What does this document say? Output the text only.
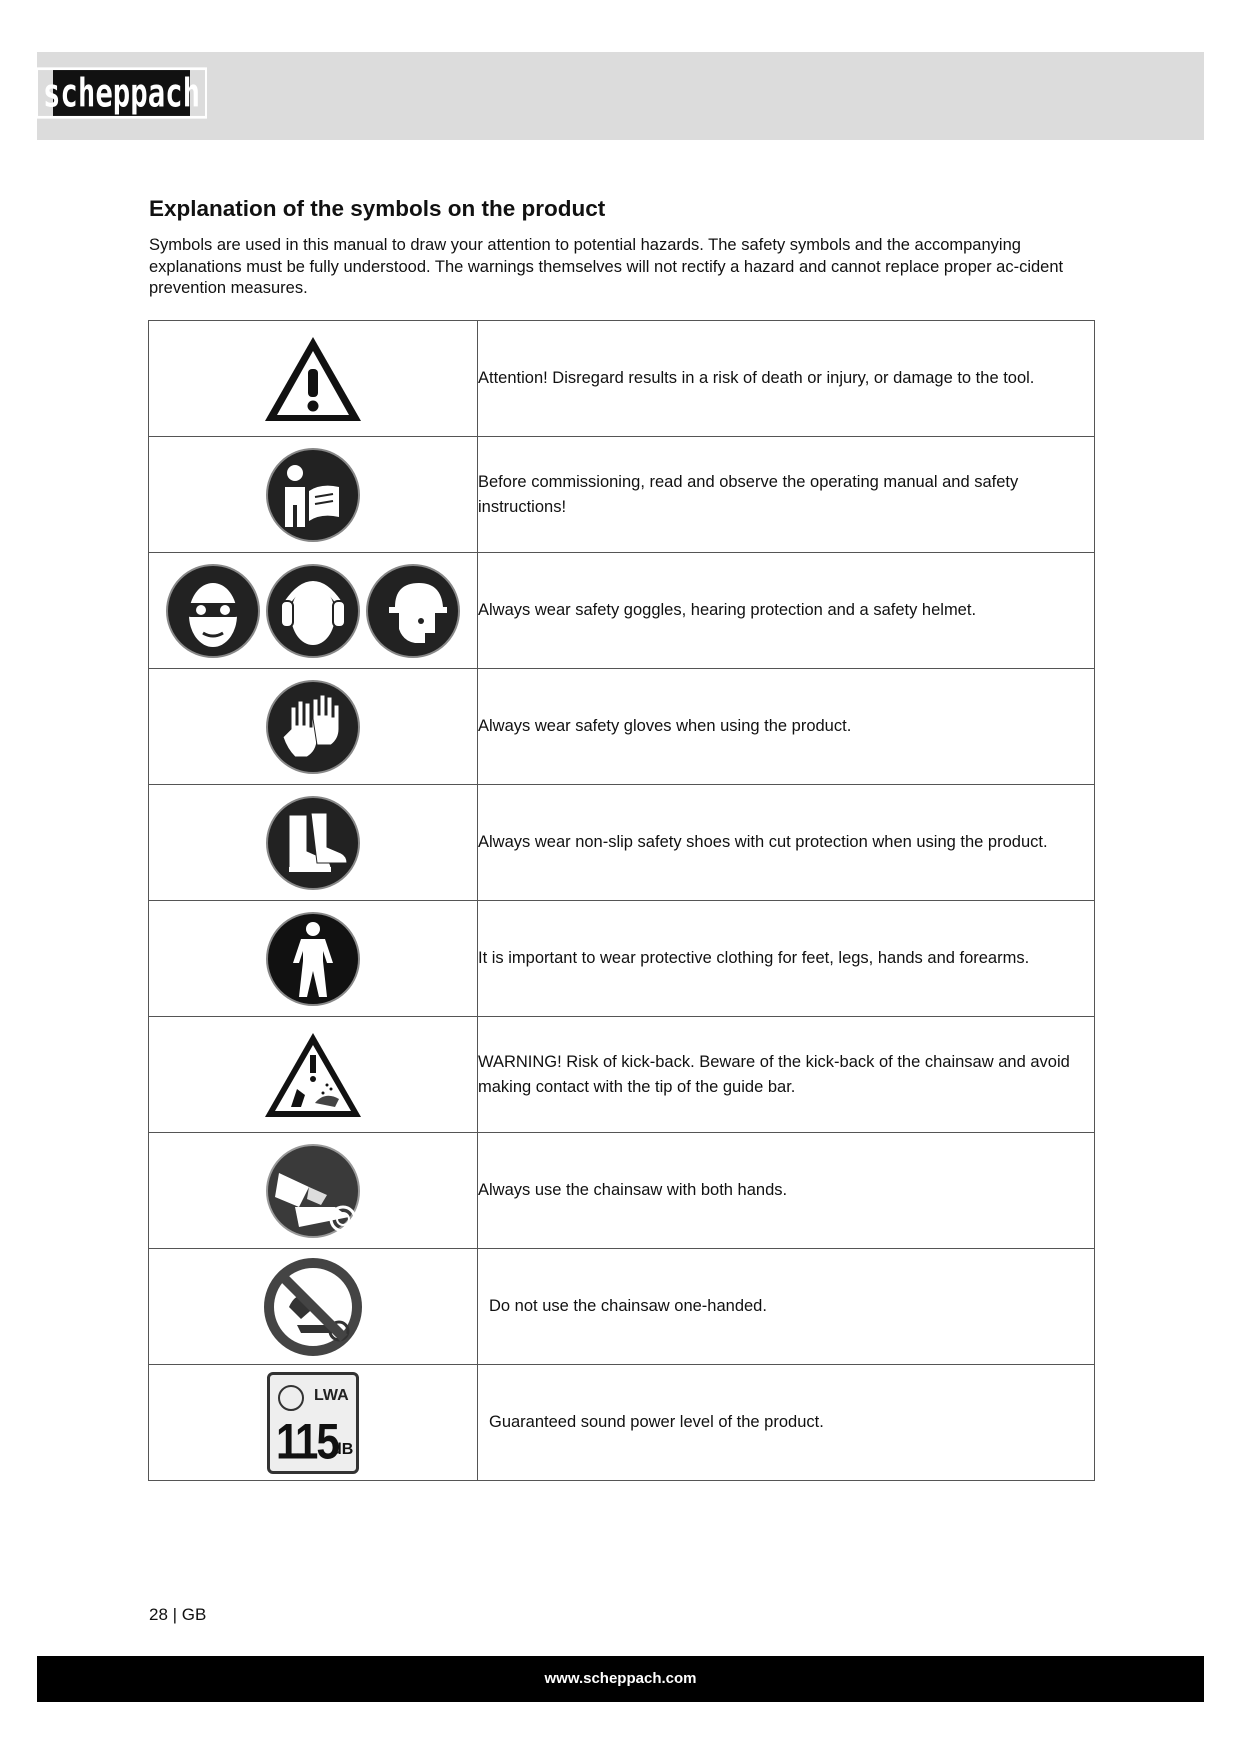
scheppach
Explanation of the symbols on the product

Symbols are used in this manual to draw your attention to potential hazards. The safety symbols and the accompanying explanations must be fully understood. The warnings themselves will not rectify a hazard and cannot replace proper ac-cident prevention measures.

	Attention! Disregard results in a risk of death or injury, or damage to the tool.
	Before commissioning, read and observe the operating manual and safety instructions!
	Always wear safety goggles, hearing protection and a safety helmet.
	Always wear safety gloves when using the product.
	Always wear non-slip safety shoes with cut protection when using the product.
	It is important to wear protective clothing for feet, legs, hands and forearms.
	WARNING! Risk of kick-back. Beware of the kick-back of the chainsaw and avoid making contact with the tip of the guide bar.
	Always use the chainsaw with both hands.
	Do not use the chainsaw one-handed.

LWA
115
dB	Guaranteed sound power level of the product.
28 | GB
www.scheppach.com
